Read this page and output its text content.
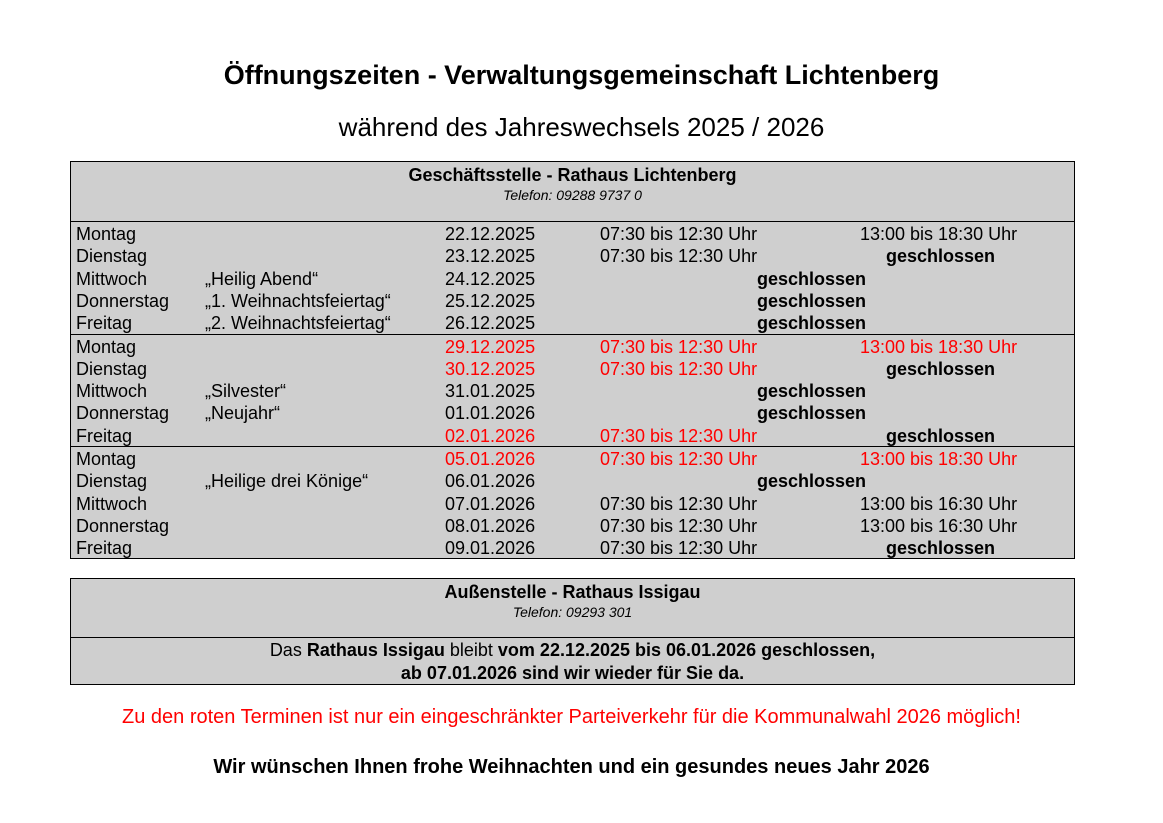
Öffnungszeiten - Verwaltungsgemeinschaft Lichtenberg
während des Jahreswechsels 2025 / 2026
Geschäftsstelle - Rathaus Lichtenberg
Telefon: 09288 9737 0
Montag	22.12.2025	07:30 bis 12:30 Uhr	13:00 bis 18:30 Uhr
Dienstag	23.12.2025	07:30 bis 12:30 Uhr	geschlossen
Mittwoch	„Heilig Abend“	24.12.2025	geschlossen
Donnerstag „1. Weihnachtsfeiertag“	25.12.2025	geschlossen
Freitag	„2. Weihnachtsfeiertag“	26.12.2025	geschlossen
Montag	29.12.2025	07:30 bis 12:30 Uhr	13:00 bis 18:30 Uhr
Dienstag	30.12.2025	07:30 bis 12:30 Uhr	geschlossen
Mittwoch	„Silvester“	31.01.2025	geschlossen
Donnerstag „Neujahr“	01.01.2026	geschlossen
Freitag	02.01.2026	07:30 bis 12:30 Uhr	geschlossen
Montag	05.01.2026	07:30 bis 12:30 Uhr	13:00 bis 18:30 Uhr
Dienstag	„Heilige drei Könige“	06.01.2026	geschlossen
Mittwoch	07.01.2026	07:30 bis 12:30 Uhr	13:00 bis 16:30 Uhr
Donnerstag	08.01.2026	07:30 bis 12:30 Uhr	13:00 bis 16:30 Uhr
Freitag	09.01.2026	07:30 bis 12:30 Uhr	geschlossen
Außenstelle - Rathaus Issigau
Telefon: 09293 301
Das Rathaus Issigau bleibt vom 22.12.2025 bis 06.01.2026 geschlossen,
ab 07.01.2026 sind wir wieder für Sie da.
Zu den roten Terminen ist nur ein eingeschränkter Parteiverkehr für die Kommunalwahl 2026 möglich!
Wir wünschen Ihnen frohe Weihnachten und ein gesundes neues Jahr 2026
